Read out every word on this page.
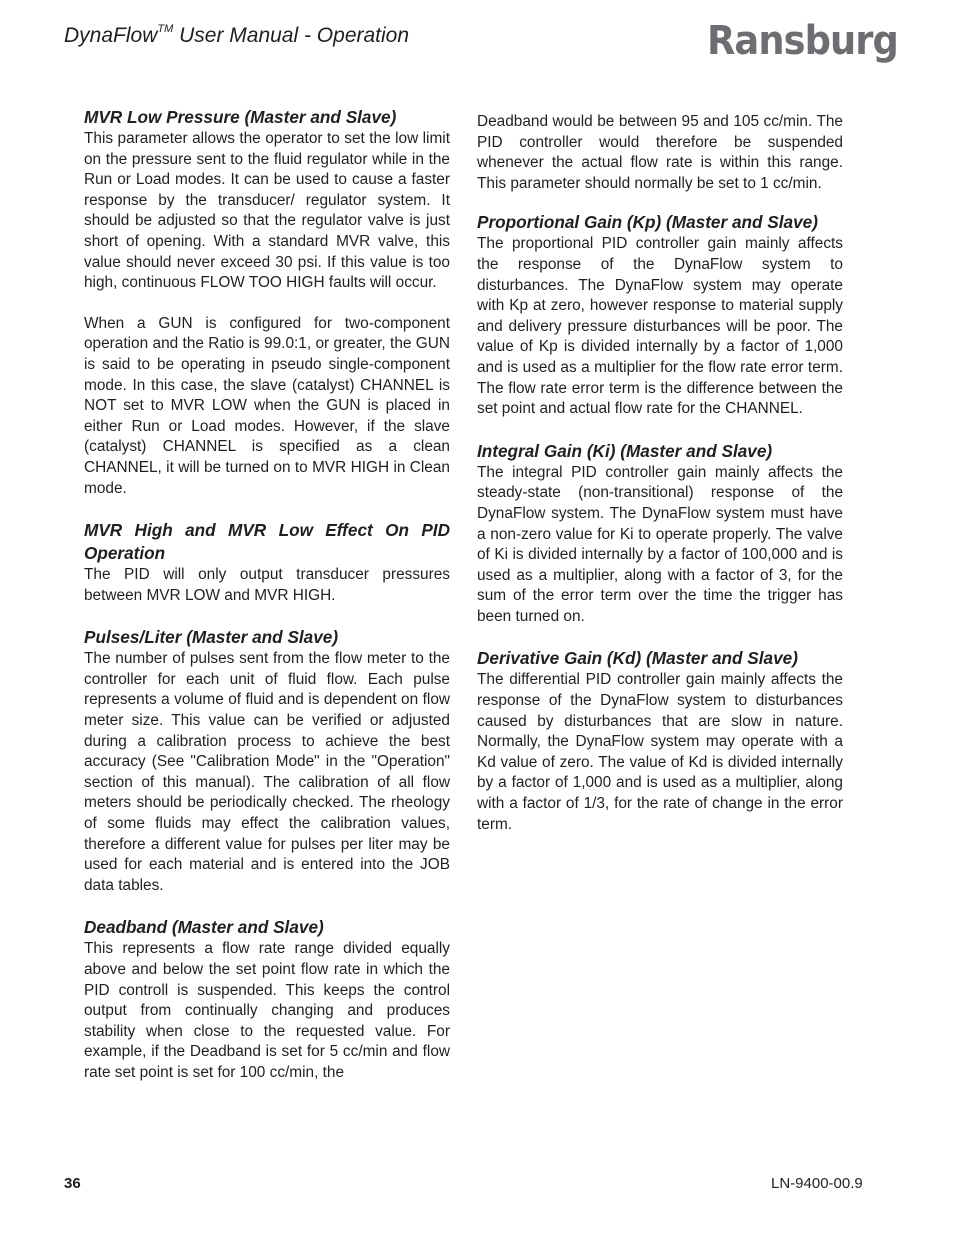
DynaFlow™ User Manual - Operation	Ransburg
MVR Low Pressure (Master and Slave)

This parameter allows the operator to set the low limit on the pressure sent to the fluid regulator while in the Run or Load modes. It can be used to cause a faster response by the transducer/ regulator system. It should be adjusted so that the regulator valve is just short of opening. With a standard MVR valve, this value should never exceed 30 psi. If this value is too high, continuous FLOW TOO HIGH faults will occur.

When a GUN is configured for two-component operation and the Ratio is 99.0:1, or greater, the GUN is said to be operating in pseudo single-component mode. In this case, the slave (catalyst) CHANNEL is NOT set to MVR LOW when the GUN is placed in either Run or Load modes. However, if the slave (catalyst) CHANNEL is specified as a clean CHANNEL, it will be turned on to MVR HIGH in Clean mode.

MVR High and MVR Low Effect On PID Operation

The PID will only output transducer pressures between MVR LOW and MVR HIGH.

Pulses/Liter (Master and Slave)

The number of pulses sent from the flow meter to the controller for each unit of fluid flow. Each pulse represents a volume of fluid and is dependent on flow meter size. This value can be verified or adjusted during a calibration process to achieve the best accuracy (See "Calibration Mode" in the "Operation" section of this manual). The calibration of all flow meters should be periodically checked. The rheology of some fluids may effect the calibration values, therefore a different value for pulses per liter may be used for each material and is entered into the JOB data tables.

Deadband (Master and Slave)

This represents a flow rate range divided equally above and below the set point flow rate in which the PID controll is suspended. This keeps the control output from continually changing and produces stability when close to the requested value. For example, if the Deadband is set for 5 cc/min and flow rate set point is set for 100 cc/min, the

Deadband would be between 95 and 105 cc/min. The PID controller would therefore be suspended whenever the actual flow rate is within this range. This parameter should normally be set to 1 cc/min.

Proportional Gain (Kp) (Master and Slave)

The proportional PID controller gain mainly affects the response of the DynaFlow system to disturbances. The DynaFlow system may operate with Kp at zero, however response to material supply and delivery pressure disturbances will be poor. The value of Kp is divided internally by a factor of 1,000 and is used as a multiplier for the flow rate error term. The flow rate error term is the difference between the set point and actual flow rate for the CHANNEL.

Integral Gain (Ki) (Master and Slave)

The integral PID controller gain mainly affects the steady-state (non-transitional) response of the DynaFlow system. The DynaFlow system must have a non-zero value for Ki to operate properly. The valve of Ki is divided internally by a factor of 100,000 and is used as a multiplier, along with a factor of 3, for the sum of the error term over the time the trigger has been turned on.

Derivative Gain (Kd) (Master and Slave)

The differential PID controller gain mainly affects the response of the DynaFlow system to disturbances caused by disturbances that are slow in nature. Normally, the DynaFlow system may operate with a Kd value of zero. The value of Kd is divided internally by a factor of 1,000 and is used as a multiplier, along with a factor of 1/3, for the rate of change in the error term.

36	LN-9400-00.9
